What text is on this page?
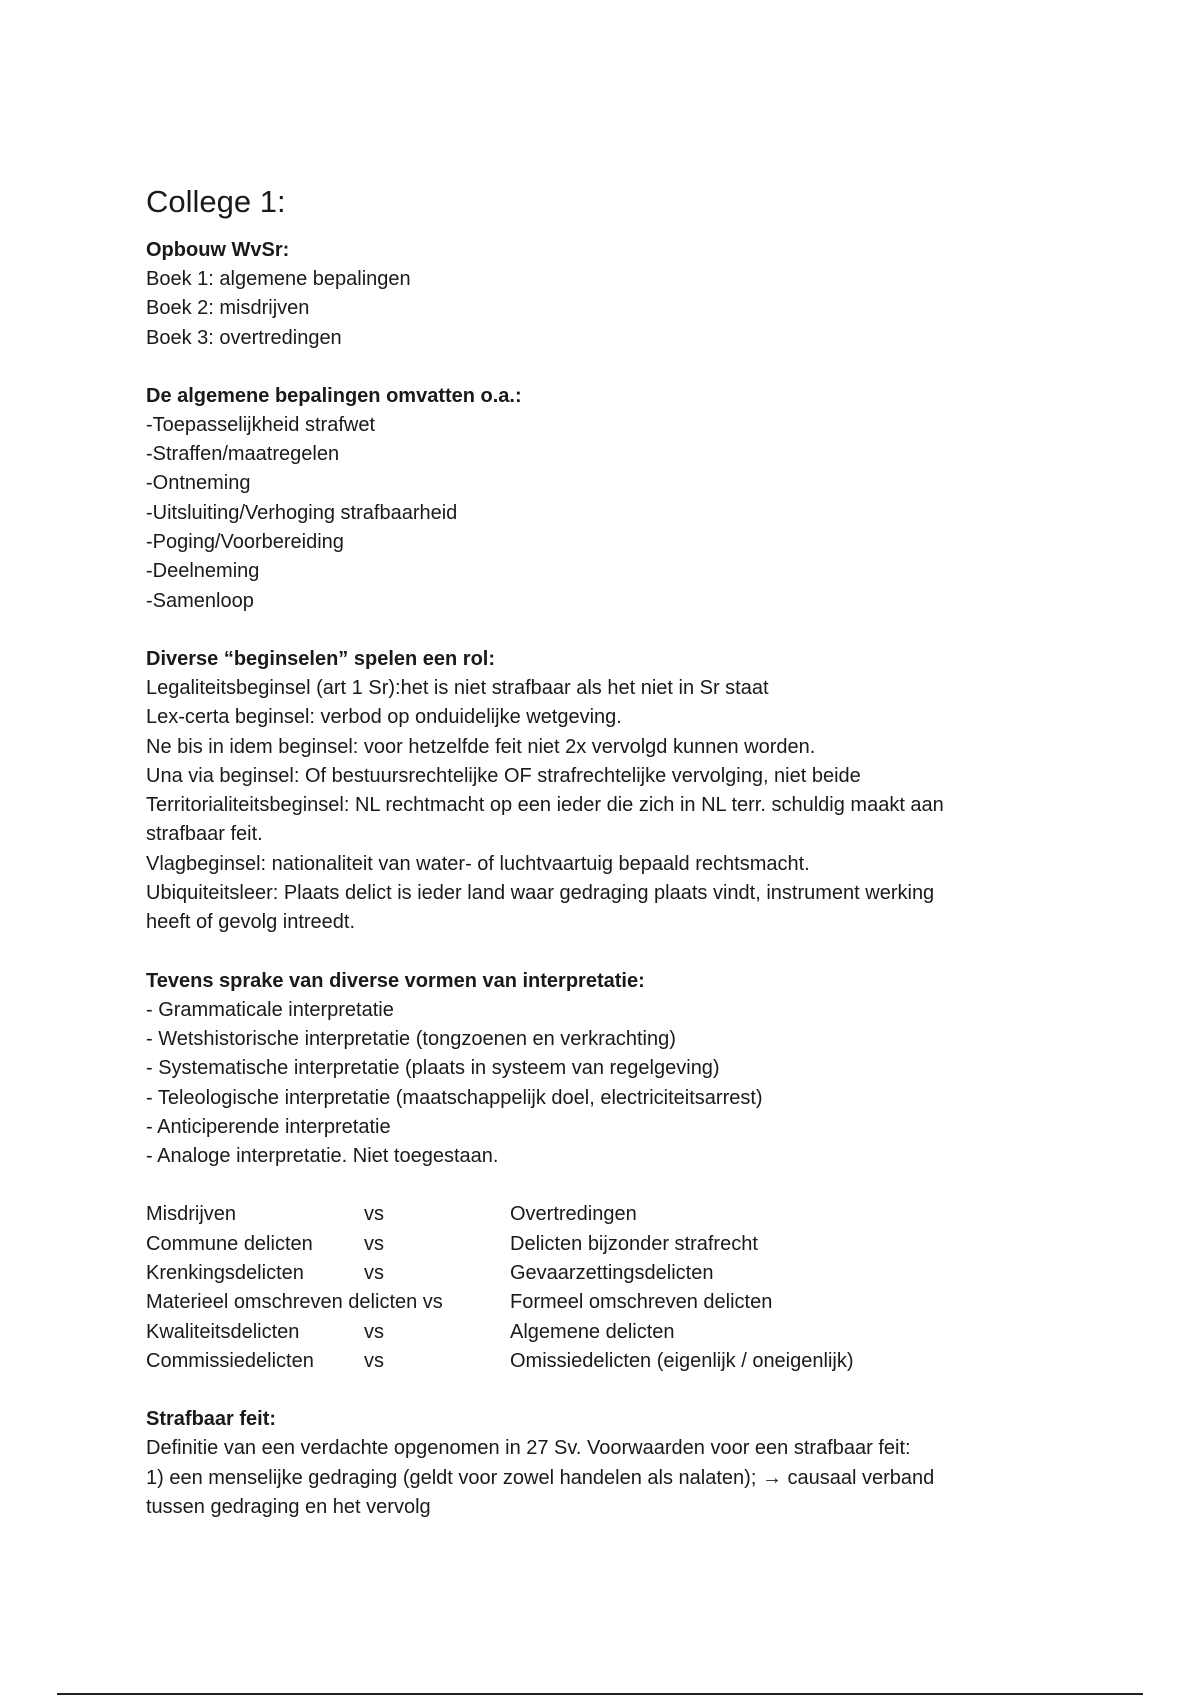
College 1:
Opbouw WvSr:
Boek 1: algemene bepalingen
Boek 2: misdrijven
Boek 3: overtredingen
De algemene bepalingen omvatten o.a.:
-Toepasselijkheid strafwet
-Straffen/maatregelen
-Ontneming
-Uitsluiting/Verhoging strafbaarheid
-Poging/Voorbereiding
-Deelneming
-Samenloop
Diverse “beginselen” spelen een rol:
Legaliteitsbeginsel (art 1 Sr):het is niet strafbaar als het niet in Sr staat
Lex-certa beginsel: verbod op onduidelijke wetgeving.
Ne bis in idem beginsel: voor hetzelfde feit niet 2x vervolgd kunnen worden.
Una via beginsel: Of bestuursrechtelijke OF strafrechtelijke vervolging, niet beide
Territorialiteitsbeginsel: NL rechtmacht op een ieder die zich in NL terr. schuldig maakt aan
strafbaar feit.
Vlagbeginsel: nationaliteit van water- of luchtvaartuig bepaald rechtsmacht.
Ubiquiteitsleer: Plaats delict is ieder land waar gedraging plaats vindt, instrument werking
heeft of gevolg intreedt.
Tevens sprake van diverse vormen van interpretatie:
- Grammaticale interpretatie
- Wetshistorische interpretatie (tongzoenen en verkrachting)
- Systematische interpretatie (plaats in systeem van regelgeving)
- Teleologische interpretatie (maatschappelijk doel, electriciteitsarrest)
- Anticiperende interpretatie
- Analoge interpretatie. Niet toegestaan.
Misdrijven	vs	Overtredingen
Commune delicten	vs	Delicten bijzonder strafrecht
Krenkingsdelicten	vs	Gevaarzettingsdelicten
Materieel omschreven delicten vs		Formeel omschreven delicten
Kwaliteitsdelicten	vs	Algemene delicten
Commissiedelicten	vs	Omissiedelicten (eigenlijk / oneigenlijk)
Strafbaar feit:
Definitie van een verdachte opgenomen in 27 Sv. Voorwaarden voor een strafbaar feit:
1) een menselijke gedraging (geldt voor zowel handelen als nalaten); → causaal verband
tussen gedraging en het vervolg
